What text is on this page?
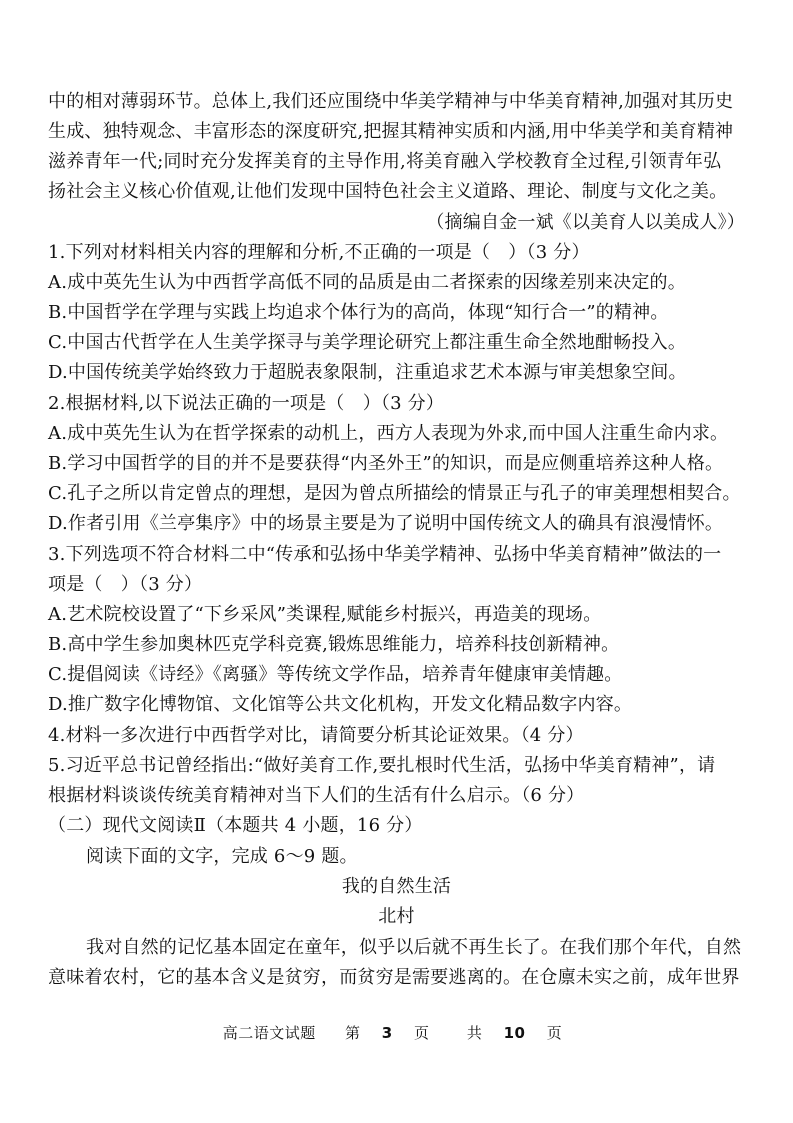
中的相对薄弱环节。总体上,我们还应围绕中华美学精神与中华美育精神,加强对其历史
生成、独特观念、丰富形态的深度研究,把握其精神实质和内涵,用中华美学和美育精神
滋养青年一代;同时充分发挥美育的主导作用,将美育融入学校教育全过程,引领青年弘
扬社会主义核心价值观,让他们发现中国特色社会主义道路、理论、制度与文化之美。
（摘编自金一斌《以美育人以美成人》）
1.下列对材料相关内容的理解和分析,不正确的一项是（　）（3 分）
A.成中英先生认为中西哲学高低不同的品质是由二者探索的因缘差别来决定的。
B.中国哲学在学理与实践上均追求个体行为的高尚，体现“知行合一”的精神。
C.中国古代哲学在人生美学探寻与美学理论研究上都注重生命全然地酣畅投入。
D.中国传统美学始终致力于超脱表象限制，注重追求艺术本源与审美想象空间。
2.根据材料,以下说法正确的一项是（　）（3 分）
A.成中英先生认为在哲学探索的动机上，西方人表现为外求,而中国人注重生命内求。
B.学习中国哲学的目的并不是要获得“内圣外王”的知识，而是应侧重培养这种人格。
C.孔子之所以肯定曾点的理想，是因为曾点所描绘的情景正与孔子的审美理想相契合。
D.作者引用《兰亭集序》中的场景主要是为了说明中国传统文人的确具有浪漫情怀。
3.下列选项不符合材料二中“传承和弘扬中华美学精神、弘扬中华美育精神”做法的一
项是（　）（3 分）
A.艺术院校设置了“下乡采风”类课程,赋能乡村振兴，再造美的现场。
B.高中学生参加奥林匹克学科竞赛,锻炼思维能力，培养科技创新精神。
C.提倡阅读《诗经》《离骚》等传统文学作品，培养青年健康审美情趣。
D.推广数字化博物馆、文化馆等公共文化机构，开发文化精品数字内容。
4.材料一多次进行中西哲学对比，请简要分析其论证效果。（4 分）
5.习近平总书记曾经指出:“做好美育工作,要扎根时代生活，弘扬中华美育精神”，请
根据材料谈谈传统美育精神对当下人们的生活有什么启示。（6 分）
（二）现代文阅读Ⅱ（本题共 4 小题，16 分）
阅读下面的文字，完成 6～9 题。
我的自然生活
北村
我对自然的记忆基本固定在童年，似乎以后就不再生长了。在我们那个年代，自然
意味着农村，它的基本含义是贫穷，而贫穷是需要逃离的。在仓廪未实之前，成年世界
高二语文试题 第 3 页 共 10 页
